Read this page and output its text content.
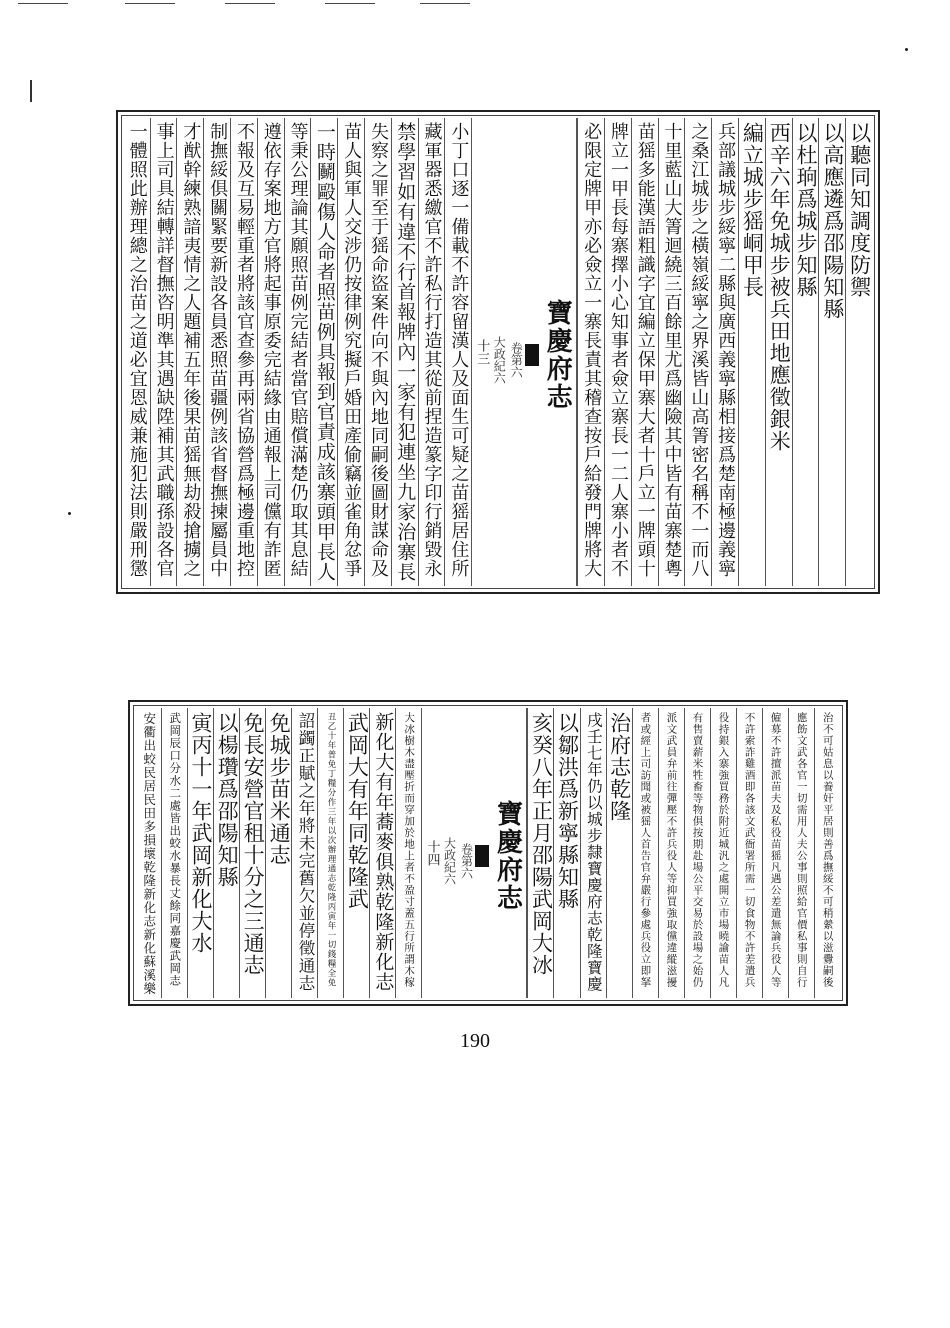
以聽同知調度防禦
以高應遴爲邵陽知縣
以杜珦爲城步知縣
西辛六年免城步被兵田地應徵銀米
編立城步猺峒甲長
兵部議城步綏寧二縣與廣西義寧縣相接爲楚南極邊義寧
之桑江城步之橫嶺綏寧之界溪皆山高箐密名稱不一而八
十里藍山大箐迴繞三百餘里尤爲幽險其中皆有苗寨楚粵
苗猺多能漢語粗識字宜編立保甲寨大者十戶立一牌頭十
牌立一甲長每寨擇小心知事者僉立寨長一二人寨小者不
必限定牌甲亦必僉立一寨長責其稽查按戶給發門牌將大
寶慶府志
卷第六
大政紀六
十三
小丁口逐一備載不許容留漢人及面生可疑之苗猺居住所
藏軍器悉繳官不許私行打造其從前捏造篆字印行銷毀永
禁學習如有違不行首報牌內一家有犯連坐九家治寨長
失察之罪至于猺命盜案件向不與內地同嗣後圖財謀命及
苗人與軍人交涉仍按律例究擬戶婚田產偷竊並雀角忿爭
一時鬭毆傷人命者照苗例具報到官責成該寨頭甲長人
等秉公理論其願照苗例完結者當官賠償滿楚仍取其息結
遵依存案地方官將起事原委完結緣由通報上司儻有詐匿
不報及互易輕重者將該官查參再兩省協營爲極邊重地控
制撫綏俱關緊要新設各員悉照苗疆例該省督撫揀屬員中
才猷幹練熟諳夷情之人題補五年後果苗猺無劫殺搶擄之
事上司具結轉詳督撫咨明準其遇缺陞補其武職孫設各官
一體照此辦理總之治苗之道必宜恩威兼施犯法則嚴刑懲
治不可姑息以養奸平居則善爲撫綏不可稍縈以滋釁嗣後
應飭文武各官一切需用人夫公事則照給官價私事則自行
僱募不許擅派苗夫及私役苗猺凡遇公差遣無論兵役人等
不許索詐雞酒即各該文武衙署所需一切食物不許差遣兵
役持銀入寨強買務於附近城汎之處開立市場曉諭苗人凡
有售賣薪米牲畜等物俱按期赴場公平交易於設場之始仍
派文武員弁前往彈壓不許兵役人等抑買強取儻違縱滋擾
者或經上司訪聞或被猺人首告官弁嚴行參處兵役立即拏
治府志乾隆
戌壬七年仍以城步隸寶慶府志乾隆寶慶
以鄒洪爲新寧縣知縣
亥癸八年正月邵陽武岡大冰
寶慶府志
卷第六
大政紀六
十四
大冰樹木盡壓折而穿加於地上者不盈寸蓋五行所謂木稼
新化大有年蕎麥俱熟乾隆新化志
武岡大有年同乾隆武
丑乙十年普免丁糧分作三年以次辦理通志乾隆丙寅年一切錢糧全免
詔蠲正賦之年將未完舊欠並停徵通志
免城步苗米通志
免長安營官租十分之三通志
以楊瓚爲邵陽知縣
寅丙十一年武岡新化大水
武岡辰口分水二處皆出蛟水暴長丈餘同嘉慶武岡志
安衢出蛟民居民田多損壞乾隆新化志新化蘇溪樂
190
